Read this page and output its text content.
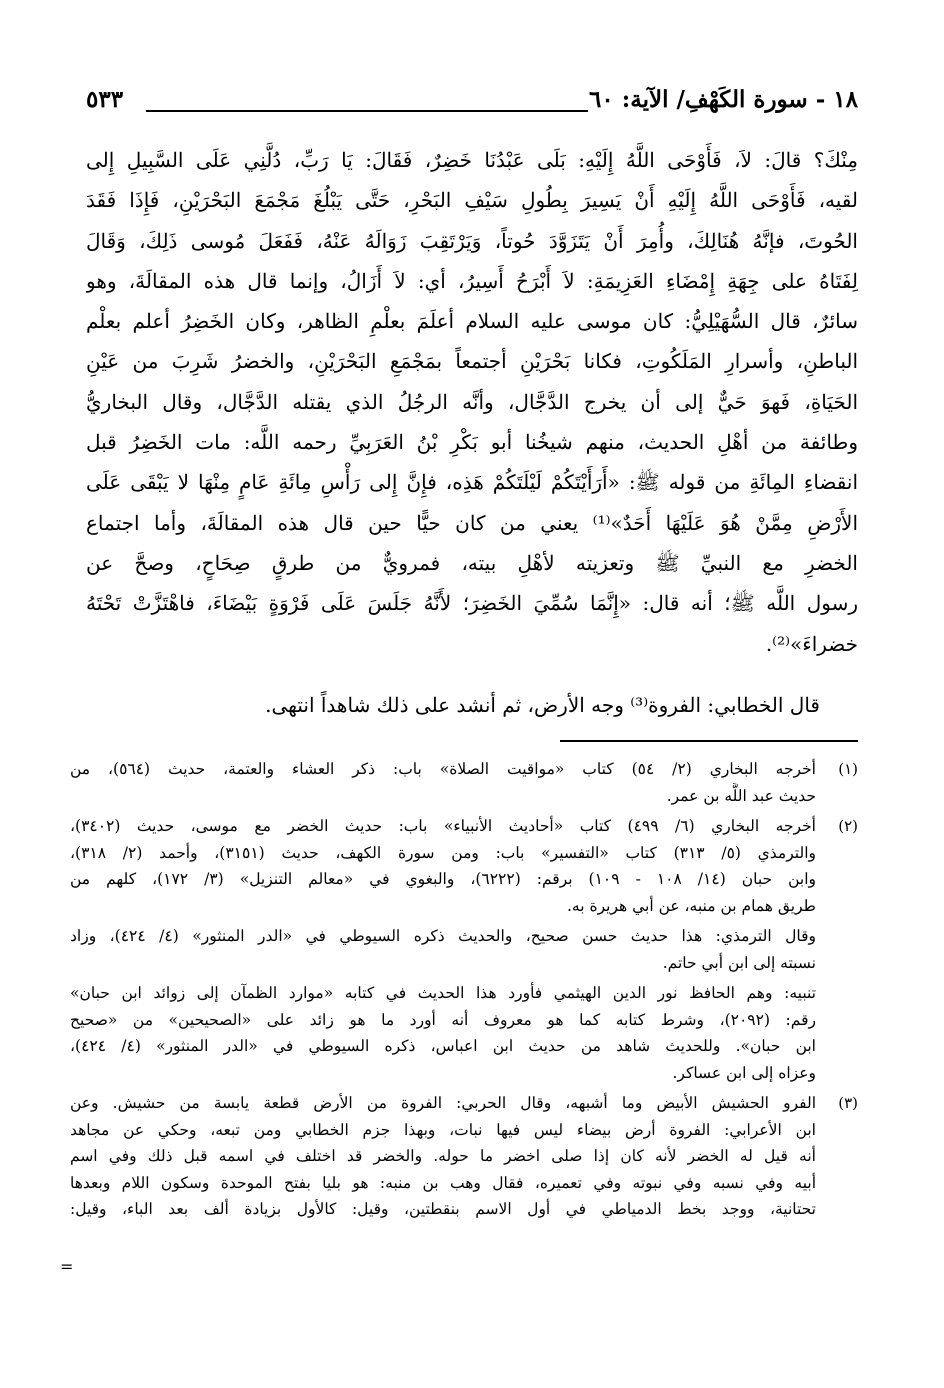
١٨ - سورة الكَهْفِ/ الآية: ٦٠
٥٣٣
مِنْكَ؟ قالَ: لاَ، فَأَوْحَى اللَّهُ إِلَيْهِ: بَلَى عَبْدُنَا خَضِرٌ، فَقَالَ: يَا رَبِّ، دُلَّنِي عَلَى السَّبِيلِ إِلى
لقيه، فَأَوْحَى اللَّهُ إِلَيْهِ أَنْ يَسِيرَ بِطُولِ سَيْفِ البَحْرِ، حَتَّى يَبْلُغَ مَجْمَعَ البَحْرَيْنِ، فَإِذَا فَقَدَ
الحُوتَ، فإنَّهُ هُنَالِكَ، وأُمِرَ أَنْ يَتَزَوَّدَ حُوتاً، وَيَرْتَقِبَ زَوَالَهُ عَنْهُ، فَفَعَلَ مُوسى ذَلِكَ، وَقَالَ
لِفَتَاهُ على جِهَةِ إِمْضَاءِ العَزِيمَةِ: لاَ أَبْرَحُ أَسِيرُ، أي: لاَ أَزَالُ، وإنما قال هذه المقالَةَ، وهو
سائرٌ، قال السُّهَيْلِيُّ: كان موسى عليه السلام أعلَمَ بعلْمِ الظاهر، وكان الخَضِرُ أعلم بعلْم
الباطنِ، وأسرارِ المَلَكُوتِ، فكانا بَحْرَيْنِ أجتمعاً بمَجْمَعِ البَحْرَيْنِ، والخضرُ شَرِبَ من عَيْنِ
الحَيَاةِ، فَهوَ حَيٌّ إلى أن يخرج الدَّجَّال، وأنَّه الرجُلُ الذي يقتله الدَّجَّال، وقال البخاريُّ
وطائفة من أهْلِ الحديث، منهم شيخُنا أبو بَكْرِ بْنُ العَرَبِيِّ رحمه اللَّه: مات الخَضِرُ قبل
انقضاءِ المِائَةِ من قوله ﷺ: «أَرَأَيْتَكُمْ لَيْلَتَكُمْ هَذِه، فإِنَّ إِلى رَأْسِ مِائَةِ عَامٍ مِنْهَا لا يَبْقَى عَلَى
الأَرْضِ مِمَّنْ هُوَ عَلَيْهَا أَحَدٌ»⁽¹⁾ يعني من كان حيًّا حين قال هذه المقالَةَ، وأما اجتماع
الخضرِ مع النبيِّ ﷺ وتعزيته لأهْلِ بيته، فمرويٌّ من طرقٍ صِحَاحٍ، وصحَّ عن
رسول اللَّه ﷺ؛ أنه قال: «إِنَّمَا سُمِّيَ الخَضِرَ؛ لأَنَّهُ جَلَسَ عَلَى فَرْوَةٍ بَيْضَاءَ، فاهْتَزَّتْ تَحْتَهُ
خضراءَ»⁽²⁾.
قال الخطابي: الفروة⁽³⁾ وجه الأرض، ثم أنشد على ذلك شاهداً انتهى.
(١)
أخرجه البخاري (٢/ ٥٤) كتاب «مواقيت الصلاة» باب: ذكر العشاء والعتمة، حديث (٥٦٤)، من
حديث عبد اللَّه بن عمر.
(٢)
أخرجه البخاري (٦/ ٤٩٩) كتاب «أحاديث الأنبياء» باب: حديث الخضر مع موسى، حديث (٣٤٠٢)،
والترمذي (٥/ ٣١٣) كتاب «التفسير» باب: ومن سورة الكهف، حديث (٣١٥١)، وأحمد (٢/ ٣١٨)،
وابن حبان (١٤/ ١٠٨ - ١٠٩) برقم: (٦٢٢٢)، والبغوي في «معالم التنزيل» (٣/ ١٧٢)، كلهم من
طريق همام بن منبه، عن أبي هريرة به.
وقال الترمذي: هذا حديث حسن صحيح، والحديث ذكره السيوطي في «الدر المنثور» (٤/ ٤٢٤)، وزاد
نسبته إلى ابن أبي حاتم.
تنبيه: وهم الحافظ نور الدين الهيثمي فأورد هذا الحديث في كتابه «موارد الظمآن إلى زوائد ابن حبان»
رقم: (٢٠٩٢)، وشرط كتابه كما هو معروف أنه أورد ما هو زائد على «الصحيحين» من «صحيح
ابن حبان». وللحديث شاهد من حديث ابن اعباس، ذكره السيوطي في «الدر المنثور» (٤/ ٤٢٤)،
وعزاه إلى ابن عساكر.
(٣)
الفرو الحشيش الأبيض وما أشبهه، وقال الحربي: الفروة من الأرض قطعة يابسة من حشيش. وعن
ابن الأعرابي: الفروة أرض بيضاء ليس فيها نبات، وبهذا جزم الخطابي ومن تبعه، وحكي عن مجاهد
أنه قيل له الخضر لأنه كان إذا صلى اخضر ما حوله. والخضر قد اختلف في اسمه قبل ذلك وفي اسم
أبيه وفي نسبه وفي نبوته وفي تعميره، فقال وهب بن منبه: هو بليا بفتح الموحدة وسكون اللام وبعدها
تحتانية، ووجد بخط الدمياطي في أول الاسم بنقطتين، وقيل: كالأول بزيادة ألف بعد الباء، وقيل:
=
